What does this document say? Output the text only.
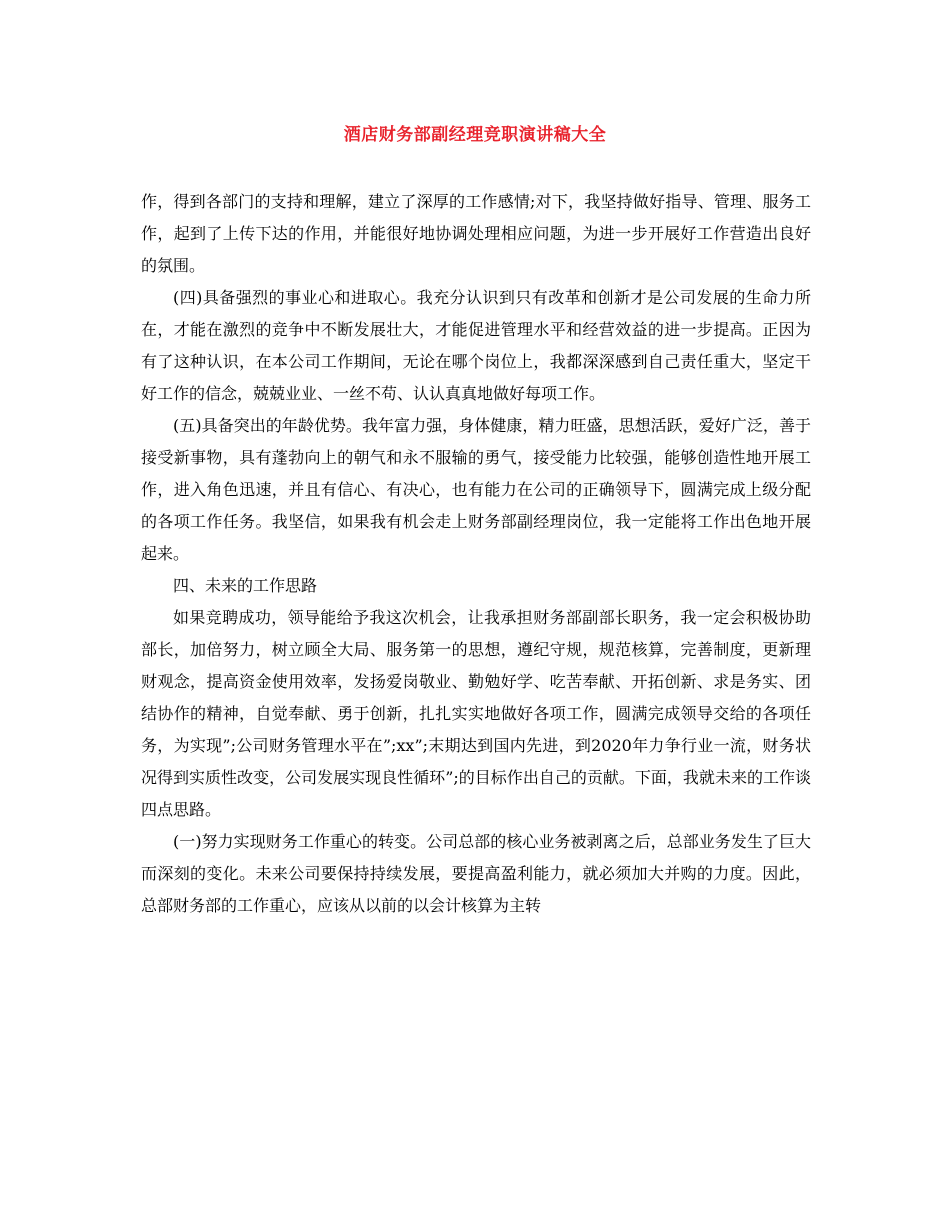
酒店财务部副经理竞职演讲稿大全

作，得到各部门的支持和理解，建立了深厚的工作感情;对下，我坚持做好指导、管理、服务工作，起到了上传下达的作用，并能很好地协调处理相应问题，为进一步开展好工作营造出良好的氛围。

(四)具备强烈的事业心和进取心。我充分认识到只有改革和创新才是公司发展的生命力所在，才能在激烈的竞争中不断发展壮大，才能促进管理水平和经营效益的进一步提高。正因为有了这种认识，在本公司工作期间，无论在哪个岗位上，我都深深感到自己责任重大，坚定干好工作的信念，兢兢业业、一丝不苟、认认真真地做好每项工作。

(五)具备突出的年龄优势。我年富力强，身体健康，精力旺盛，思想活跃，爱好广泛，善于接受新事物，具有蓬勃向上的朝气和永不服输的勇气，接受能力比较强，能够创造性地开展工作，进入角色迅速，并且有信心、有决心，也有能力在公司的正确领导下，圆满完成上级分配的各项工作任务。我坚信，如果我有机会走上财务部副经理岗位，我一定能将工作出色地开展起来。

四、未来的工作思路

如果竞聘成功，领导能给予我这次机会，让我承担财务部副部长职务，我一定会积极协助部长，加倍努力，树立顾全大局、服务第一的思想，遵纪守规，规范核算，完善制度，更新理财观念，提高资金使用效率，发扬爱岗敬业、勤勉好学、吃苦奉献、开拓创新、求是务实、团结协作的精神，自觉奉献、勇于创新，扎扎实实地做好各项工作，圆满完成领导交给的各项任务，为实现”;公司财务管理水平在”;xx”;末期达到国内先进，到2020年力争行业一流，财务状况得到实质性改变，公司发展实现良性循环”;的目标作出自己的贡献。下面，我就未来的工作谈四点思路。

(一)努力实现财务工作重心的转变。公司总部的核心业务被剥离之后，总部业务发生了巨大而深刻的变化。未来公司要保持持续发展，要提高盈利能力，就必须加大并购的力度。因此，总部财务部的工作重心，应该从以前的以会计核算为主转
